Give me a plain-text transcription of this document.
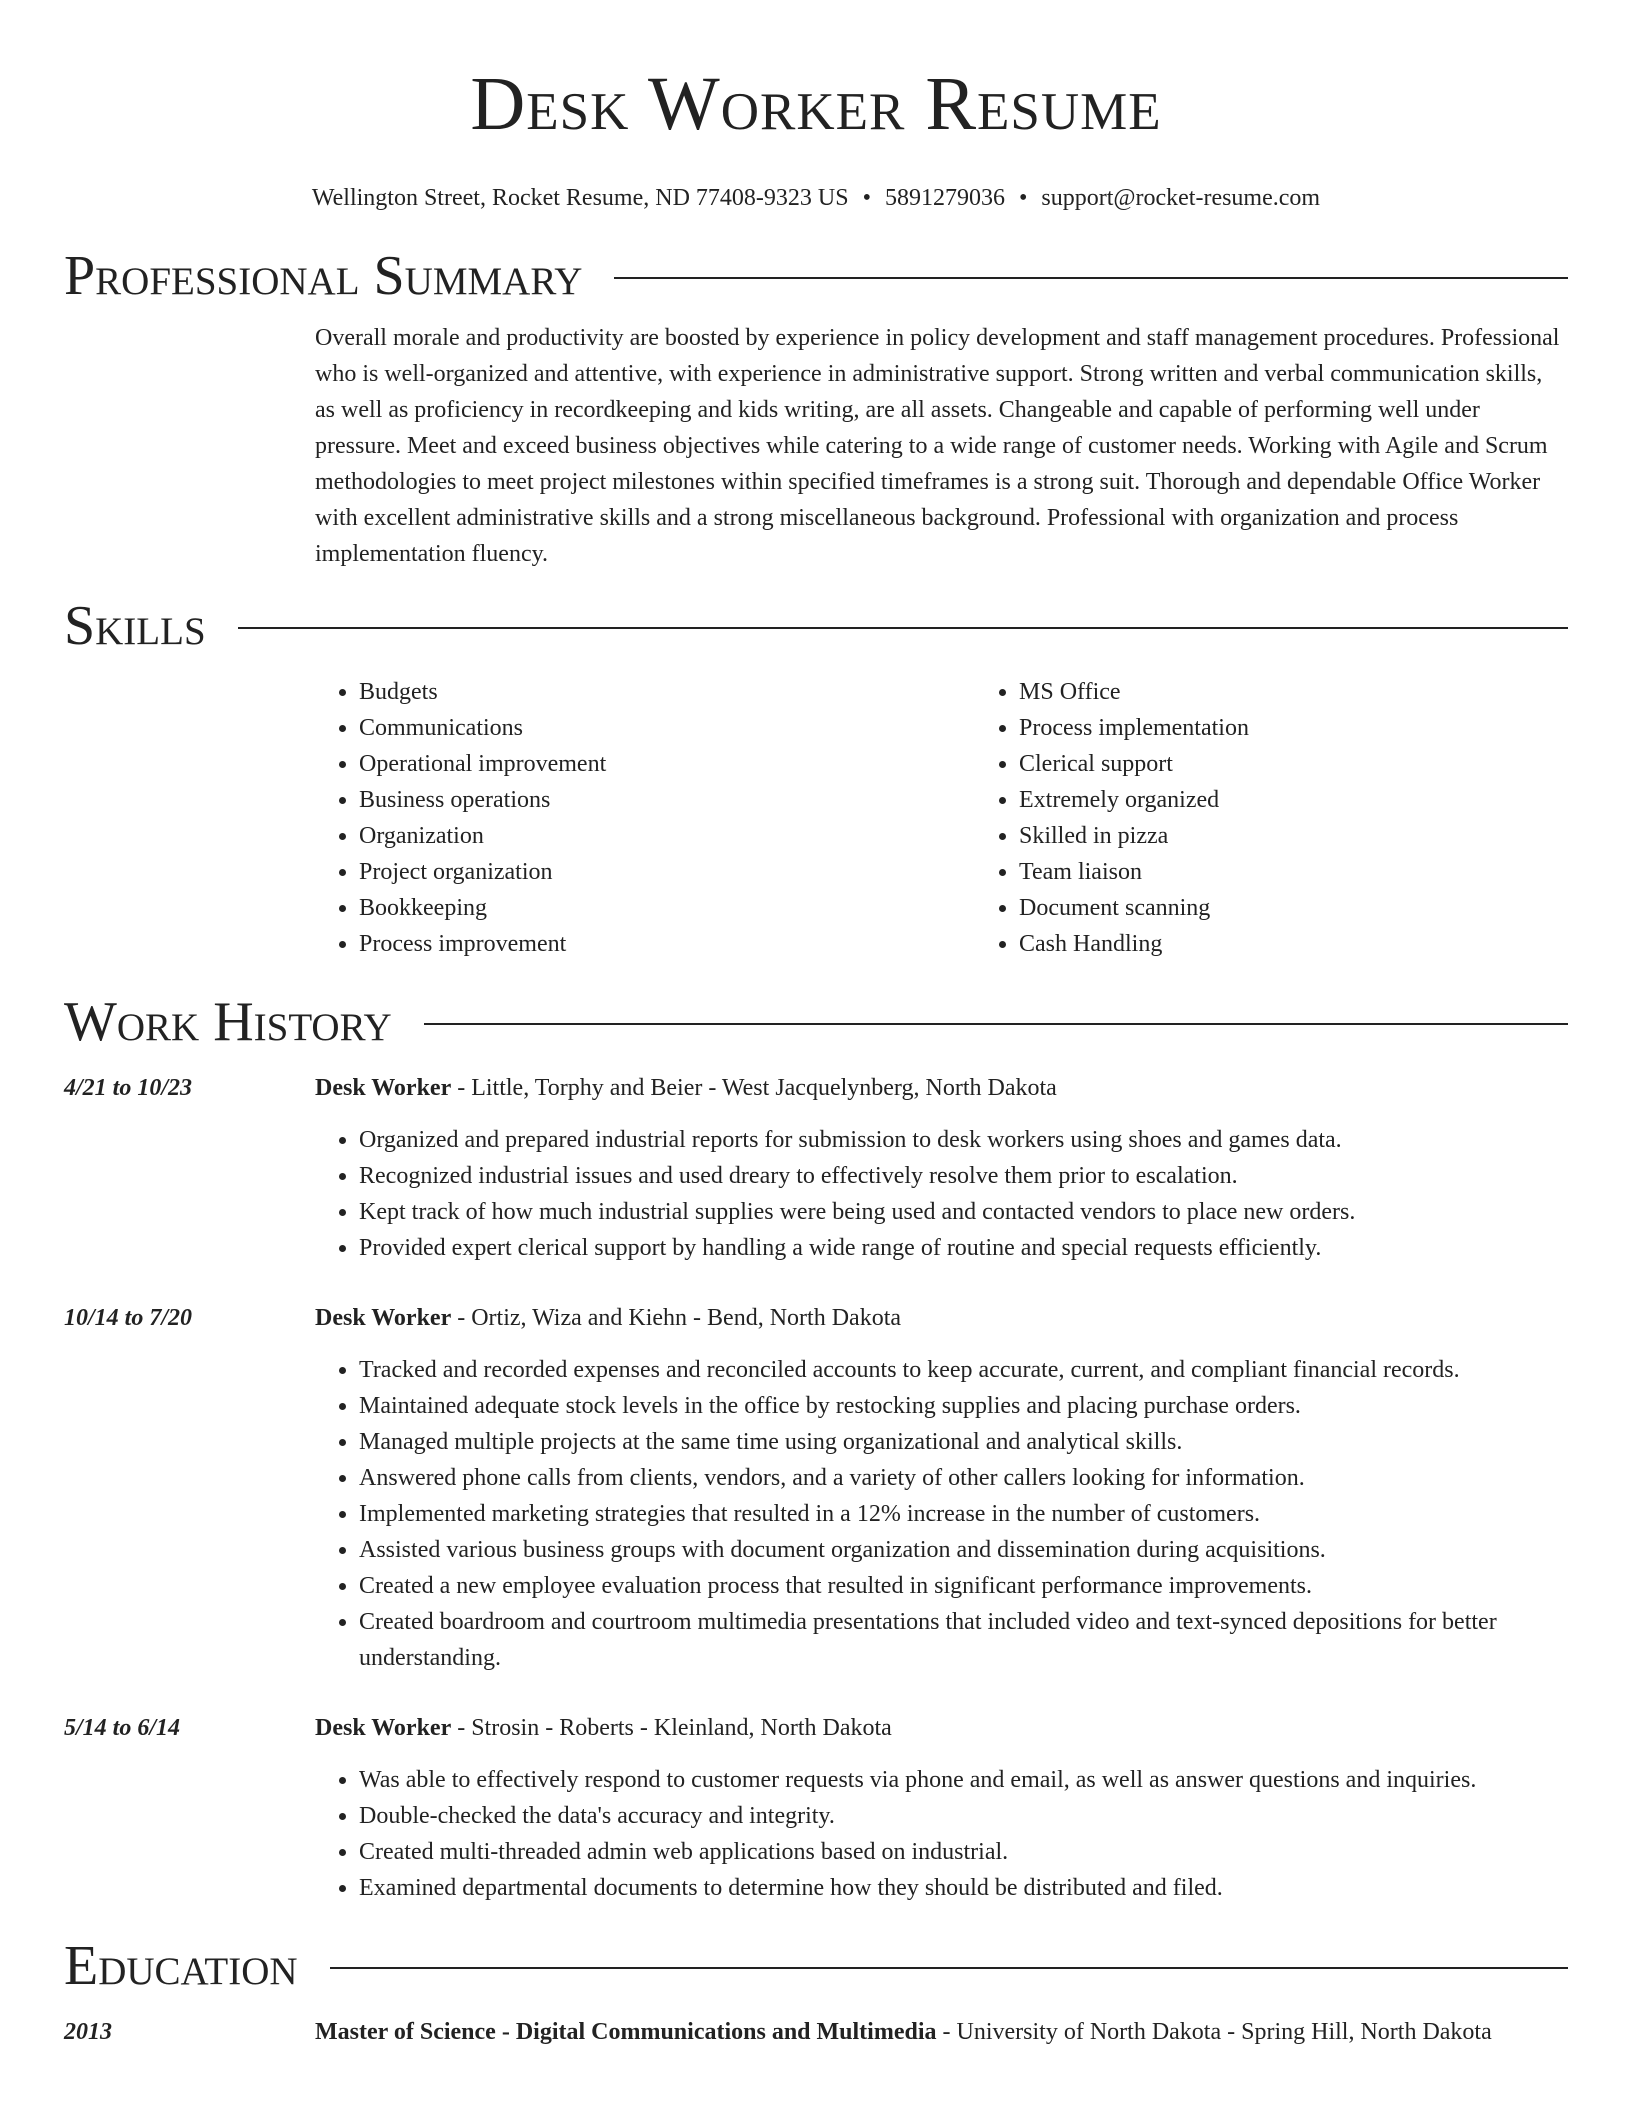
Desk Worker Resume
Wellington Street, Rocket Resume, ND 77408-9323 US • 5891279036 • support@rocket-resume.com
Professional Summary
Overall morale and productivity are boosted by experience in policy development and staff management procedures. Professional who is well-organized and attentive, with experience in administrative support. Strong written and verbal communication skills, as well as proficiency in recordkeeping and kids writing, are all assets. Changeable and capable of performing well under pressure. Meet and exceed business objectives while catering to a wide range of customer needs. Working with Agile and Scrum methodologies to meet project milestones within specified timeframes is a strong suit. Thorough and dependable Office Worker with excellent administrative skills and a strong miscellaneous background. Professional with organization and process implementation fluency.
Skills
• Budgets
• Communications
• Operational improvement
• Business operations
• Organization
• Project organization
• Bookkeeping
• Process improvement
• MS Office
• Process implementation
• Clerical support
• Extremely organized
• Skilled in pizza
• Team liaison
• Document scanning
• Cash Handling
Work History
4/21 to 10/23	Desk Worker - Little, Torphy and Beier - West Jacquelynberg, North Dakota
• Organized and prepared industrial reports for submission to desk workers using shoes and games data.
• Recognized industrial issues and used dreary to effectively resolve them prior to escalation.
• Kept track of how much industrial supplies were being used and contacted vendors to place new orders.
• Provided expert clerical support by handling a wide range of routine and special requests efficiently.
10/14 to 7/20	Desk Worker - Ortiz, Wiza and Kiehn - Bend, North Dakota
• Tracked and recorded expenses and reconciled accounts to keep accurate, current, and compliant financial records.
• Maintained adequate stock levels in the office by restocking supplies and placing purchase orders.
• Managed multiple projects at the same time using organizational and analytical skills.
• Answered phone calls from clients, vendors, and a variety of other callers looking for information.
• Implemented marketing strategies that resulted in a 12% increase in the number of customers.
• Assisted various business groups with document organization and dissemination during acquisitions.
• Created a new employee evaluation process that resulted in significant performance improvements.
• Created boardroom and courtroom multimedia presentations that included video and text-synced depositions for better understanding.
5/14 to 6/14	Desk Worker - Strosin - Roberts - Kleinland, North Dakota
• Was able to effectively respond to customer requests via phone and email, as well as answer questions and inquiries.
• Double-checked the data's accuracy and integrity.
• Created multi-threaded admin web applications based on industrial.
• Examined departmental documents to determine how they should be distributed and filed.
Education
2013	Master of Science - Digital Communications and Multimedia - University of North Dakota - Spring Hill, North Dakota
